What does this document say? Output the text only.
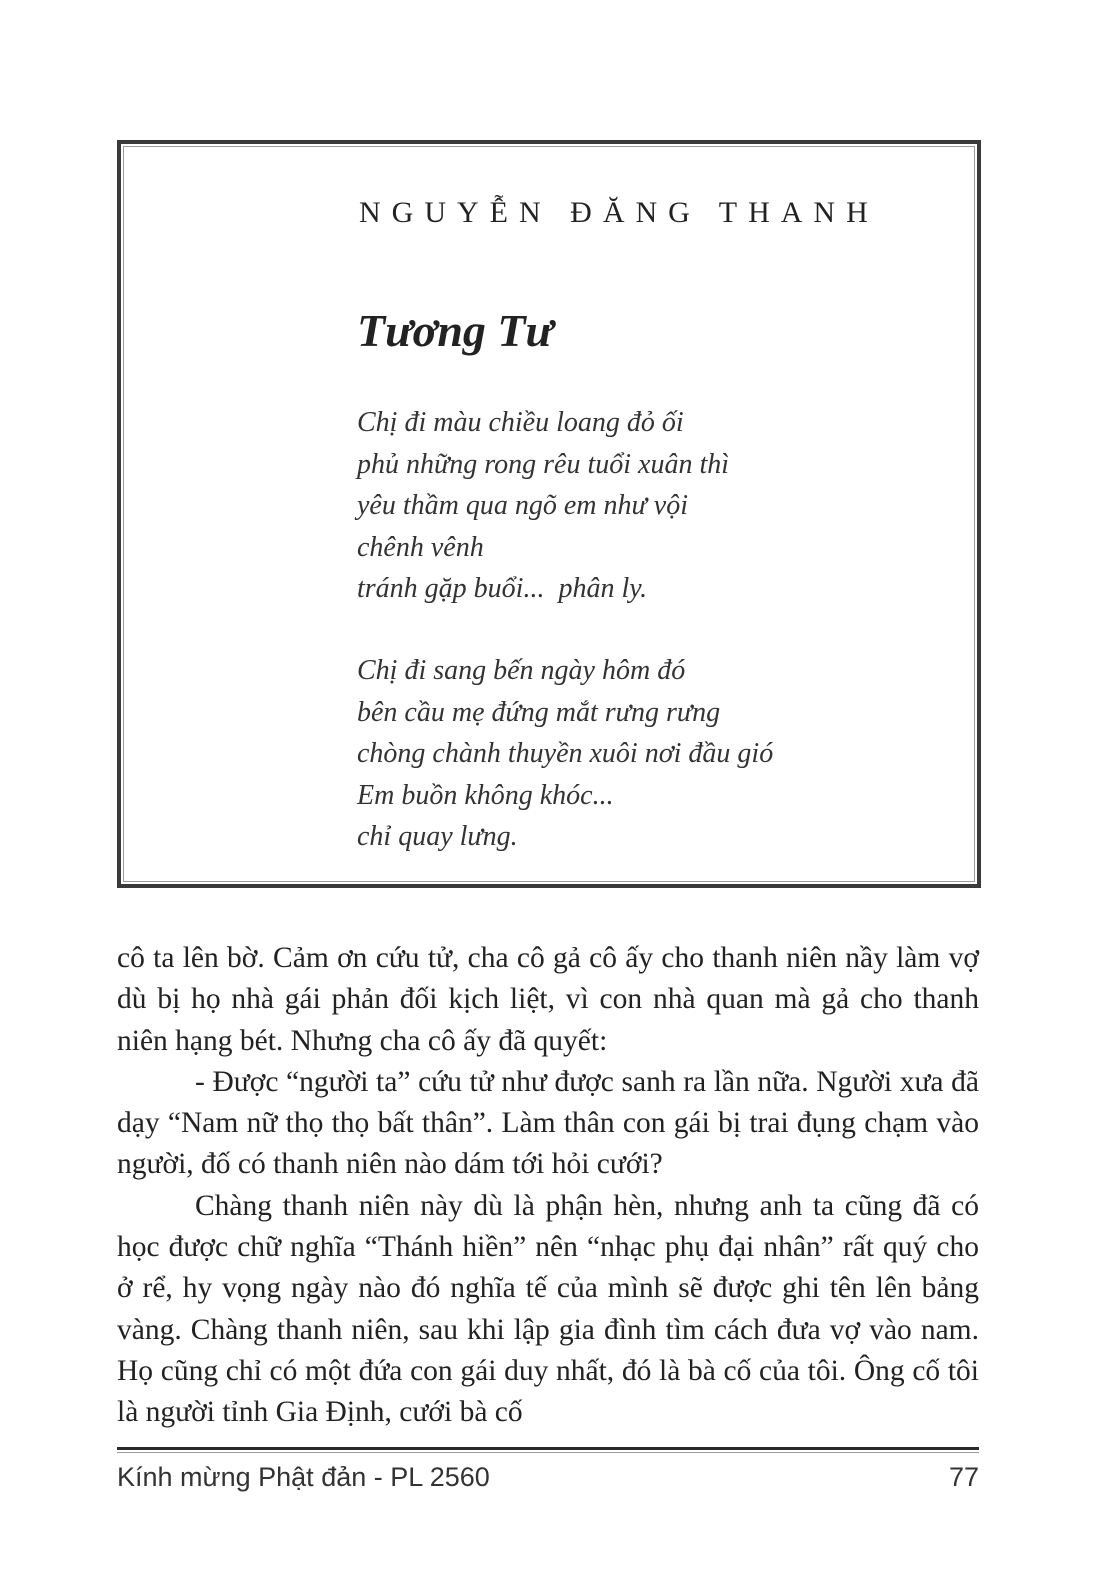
NGUYỄN ĐĂNG THANH
Tương Tư
Chị đi màu chiều loang đỏ ối
phủ những rong rêu tuổi xuân thì
yêu thầm qua ngõ em như vội
chênh vênh
tránh gặp buổi...  phân ly.
Chị đi sang bến ngày hôm đó
bên cầu mẹ đứng mắt rưng rưng
chòng chành thuyền xuôi nơi đầu gió
Em buồn không khóc...
chỉ quay lưng.

cô ta lên bờ. Cảm ơn cứu tử, cha cô gả cô ấy cho thanh niên nầy làm vợ dù bị họ nhà gái phản đối kịch liệt, vì con nhà quan mà gả cho thanh niên hạng bét. Nhưng cha cô ấy đã quyết:

- Được “người ta” cứu tử như được sanh ra lần nữa. Người xưa đã dạy “Nam nữ thọ thọ bất thân”. Làm thân con gái bị trai đụng chạm vào người, đố có thanh niên nào dám tới hỏi cưới?

Chàng thanh niên này dù là phận hèn, nhưng anh ta cũng đã có học được chữ nghĩa “Thánh hiền” nên “nhạc phụ đại nhân” rất quý cho ở rể, hy vọng ngày nào đó nghĩa tế của mình sẽ được ghi tên lên bảng vàng. Chàng thanh niên, sau khi lập gia đình tìm cách đưa vợ vào nam. Họ cũng chỉ có một đứa con gái duy nhất, đó là bà cố của tôi. Ông cố tôi là người tỉnh Gia Định, cưới bà cố

Kính mừng Phật đản - PL 2560	77
